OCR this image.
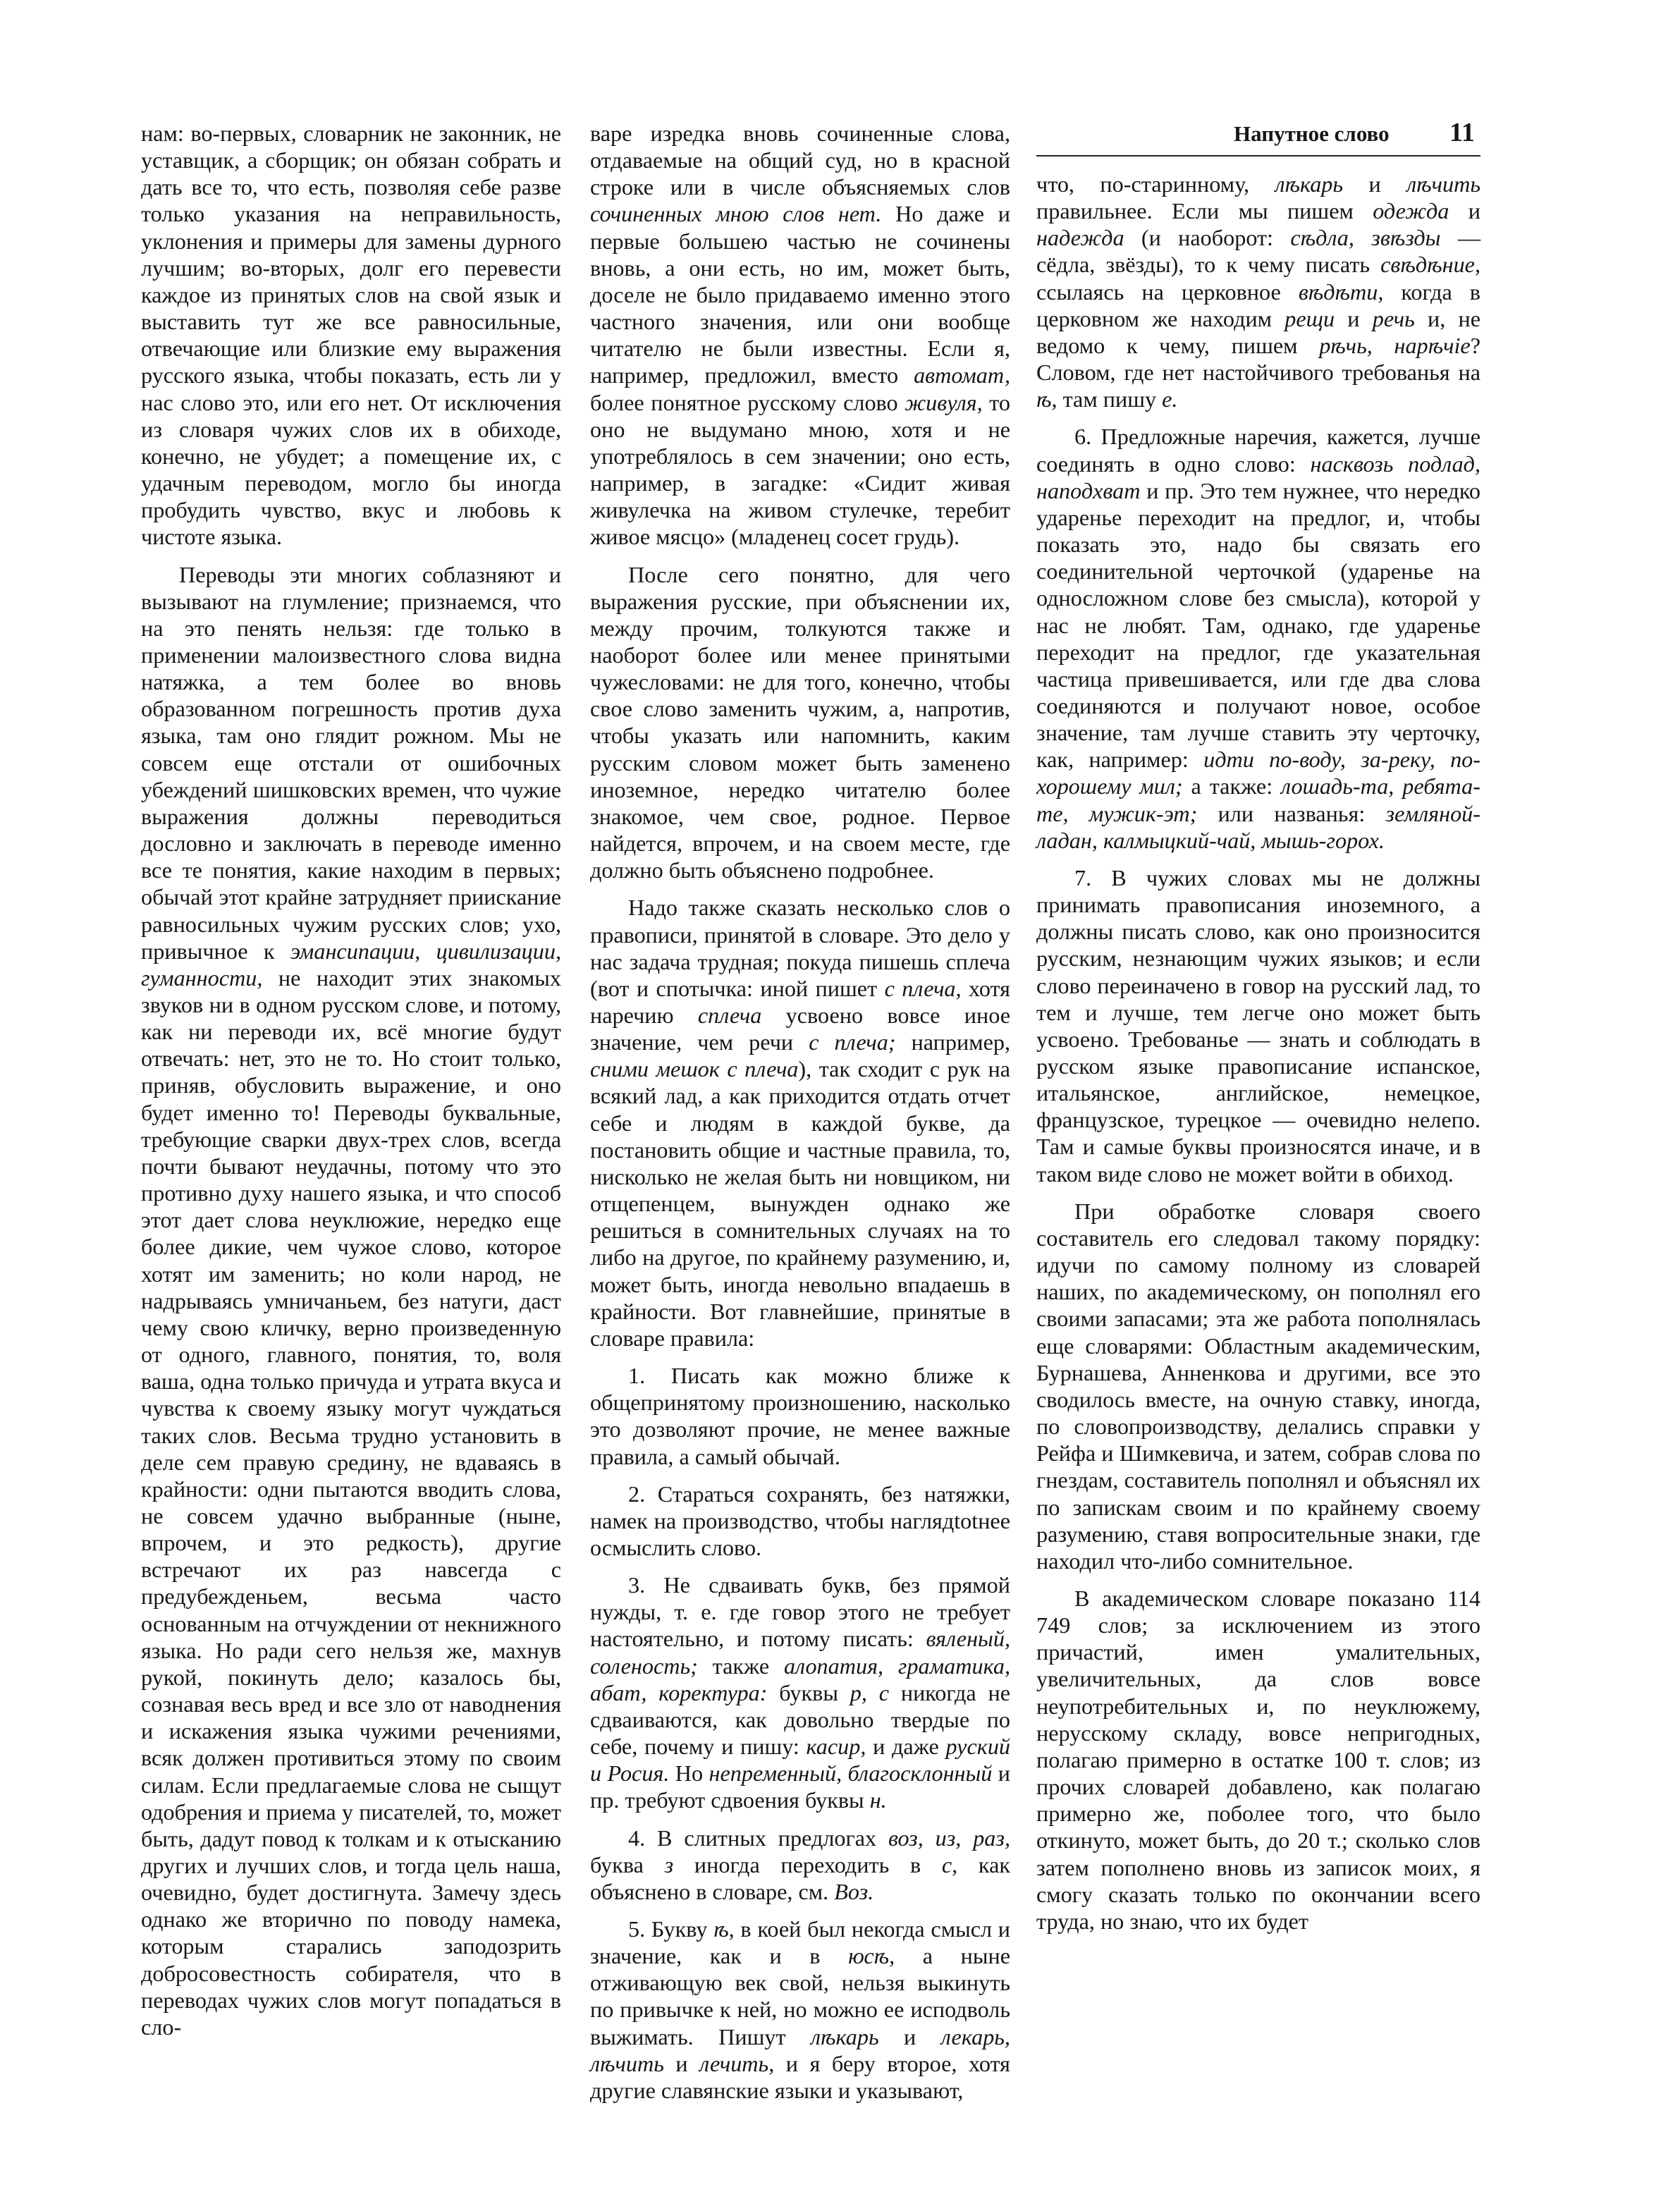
Напутное слово 11

нам: во-первых, словарник не законник, не уставщик, а сборщик; он обязан собрать и дать все то, что есть, позволяя себе разве только указания на неправильность, уклонения и примеры для замены дурного лучшим; во-вторых, долг его перевести каждое из принятых слов на свой язык и выставить тут же все равносильные, отвечающие или близкие ему выражения русского языка, чтобы показать, есть ли у нас слово это, или его нет. От исключения из словаря чужих слов их в обиходе, конечно, не убудет; а помещение их, с удачным переводом, могло бы иногда пробудить чувство, вкус и любовь к чистоте языка.

Переводы эти многих соблазняют и вызывают на глумление; признаемся, что на это пенять нельзя: где только в применении малоизвестного слова видна натяжка, а тем более во вновь образованном погрешность против духа языка, там оно глядит рожном. Мы не совсем еще отстали от ошибочных убеждений шишковских времен, что чужие выражения должны переводиться дословно и заключать в переводе именно все те понятия, какие находим в первых; обычай этот крайне затрудняет приискание равносильных чужим русских слов; ухо, привычное к эмансипации, цивилизации, гуманности, не находит этих знакомых звуков ни в одном русском слове, и потому, как ни переводи их, всё многие будут отвечать: нет, это не то. Но стоит только, приняв, обусловить выражение, и оно будет именно то! Переводы буквальные, требующие сварки двух-трех слов, всегда почти бывают неудачны, потому что это противно духу нашего языка, и что способ этот дает слова неуклюжие, нередко еще более дикие, чем чужое слово, которое хотят им заменить; но коли народ, не надрываясь умничаньем, без натуги, даст чему свою кличку, верно произведенную от одного, главного, понятия, то, воля ваша, одна только причуда и утрата вкуса и чувства к своему языку могут чуждаться таких слов. Весьма трудно установить в деле сем правую средину, не вдаваясь в крайности: одни пытаются вводить слова, не совсем удачно выбранные (ныне, впрочем, и это редкость), другие встречают их раз навсегда с предубежденьем, весьма часто основанным на отчуждении от некнижного языка. Но ради сего нельзя же, махнув рукой, покинуть дело; казалось бы, сознавая весь вред и все зло от наводнения и искажения языка чужими речениями, всяк должен противиться этому по своим силам. Если предлагаемые слова не сыщут одобрения и приема у писателей, то, может быть, дадут повод к толкам и к отысканию других и лучших слов, и тогда цель наша, очевидно, будет достигнута. Замечу здесь однако же вторично по поводу намека, которым старались заподозрить добросовестность собирателя, что в переводах чужих слов могут попадаться в сло-

варе изредка вновь сочиненные слова, отдаваемые на общий суд, но в красной строке или в числе объясняемых слов сочиненных мною слов нет. Но даже и первые большею частью не сочинены вновь, а они есть, но им, может быть, доселе не было придаваемо именно этого частного значения, или они вообще читателю не были известны. Если я, например, предложил, вместо автомат, более понятное русскому слово живуля, то оно не выдумано мною, хотя и не употреблялось в сем значении; оно есть, например, в загадке: «Сидит живая живулечка на живом стулечке, теребит живое мясцо» (младенец сосет грудь).

После сего понятно, для чего выражения русские, при объяснении их, между прочим, толкуются также и наоборот более или менее принятыми чужесловами: не для того, конечно, чтобы свое слово заменить чужим, а, напротив, чтобы указать или напомнить, каким русским словом может быть заменено иноземное, нередко читателю более знакомое, чем свое, родное. Первое найдется, впрочем, и на своем месте, где должно быть объяснено подробнее.

Надо также сказать несколько слов о правописи, принятой в словаре. Это дело у нас задача трудная; покуда пишешь сплеча (вот и спотычка: иной пишет с плеча, хотя наречию сплеча усвоено вовсе иное значение, чем речи с плеча; например, сними мешок с плеча), так сходит с рук на всякий лад, а как приходится отдать отчет себе и людям в каждой букве, да постановить общие и частные правила, то, нисколько не желая быть ни новщиком, ни отщепенцем, вынужден однако же решиться в сомнительных случаях на то либо на другое, по крайнему разумению, и, может быть, иногда невольно впадаешь в крайности. Вот главнейшие, принятые в словаре правила:

1. Писать как можно ближе к общепринятому произношению, насколько это дозволяют прочие, не менее важные правила, а самый обычай.

2. Стараться сохранять, без натяжки, намек на производство, чтобы наглядtotнее осмыслить слово.

3. Не сдваивать букв, без прямой нужды, т. е. где говор этого не требует настоятельно, и потому писать: вяленый, соленость; также алопатия, граматика, абат, коректура: буквы р, с никогда не сдваиваются, как довольно твердые по себе, почему и пишу: касир, и даже руский и Росия. Но непременный, благосклонный и пр. требуют сдвоения буквы н.

4. В слитных предлогах воз, из, раз, буква з иногда переходить в с, как объяснено в словаре, см. Воз.

5. Букву ѣ, в коей был некогда смысл и значение, как и в юсѣ, а ныне отживающую век свой, нельзя выкинуть по привычке к ней, но можно ее исподволь выжимать. Пишут лѣкарь и лекарь, лѣчить и лечить, и я беру второе, хотя другие славянские языки и указывают,

что, по-старинному, лѣкарь и лѣчить правильнее. Если мы пишем одежда и надежда (и наоборот: сѣдла, звѣзды — сёдла, звёзды), то к чему писать свѣдѣние, ссылаясь на церковное вѣдѣти, когда в церковном же находим рещи и речь и, не ведомо к чему, пишем рѣчь, нарѣчіе? Словом, где нет настойчивого требованья на ѣ, там пишу е.

6. Предложные наречия, кажется, лучше соединять в одно слово: насквозь подлад, наподхват и пр. Это тем нужнее, что нередко ударенье переходит на предлог, и, чтобы показать это, надо бы связать его соединительной черточкой (ударенье на односложном слове без смысла), которой у нас не любят. Там, однако, где ударенье переходит на предлог, где указательная частица привешивается, или где два слова соединяются и получают новое, особое значение, там лучше ставить эту черточку, как, например: идти по-воду, за-реку, по-хорошему мил; а также: лошадь-та, ребята-те, мужик-эт; или названья: земляной-ладан, калмыцкий-чай, мышь-горох.

7. В чужих словах мы не должны принимать правописания иноземного, а должны писать слово, как оно произносится русским, незнающим чужих языков; и если слово переиначено в говор на русский лад, то тем и лучше, тем легче оно может быть усвоено. Требованье — знать и соблюдать в русском языке правописание испанское, итальянское, английское, немецкое, французское, турецкое — очевидно нелепо. Там и самые буквы произносятся иначе, и в таком виде слово не может войти в обиход.

При обработке словаря своего составитель его следовал такому порядку: идучи по самому полному из словарей наших, по академическому, он пополнял его своими запасами; эта же работа пополнялась еще словарями: Областным академическим, Бурнашева, Анненкова и другими, все это сводилось вместе, на очную ставку, иногда, по словопроизводству, делались справки у Рейфа и Шимкевича, и затем, собрав слова по гнездам, составитель пополнял и объяснял их по запискам своим и по крайнему своему разумению, ставя вопросительные знаки, где находил что-либо сомнительное.

В академическом словаре показано 114 749 слов; за исключением из этого причастий, имен умалительных, увеличительных, да слов вовсе неупотребительных и, по неуклюжему, нерусскому складу, вовсе непригодных, полагаю примерно в остатке 100 т. слов; из прочих словарей добавлено, как полагаю примерно же, поболее того, что было откинуто, может быть, до 20 т.; сколько слов затем пополнено вновь из записок моих, я смогу сказать только по окончании всего труда, но знаю, что их будет
